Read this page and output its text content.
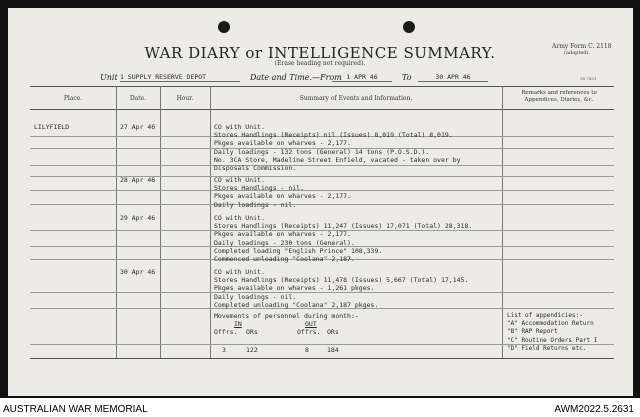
WAR DIARY or INTELLIGENCE SUMMARY.
(Erase heading not required).
Army Form C. 2118
(adapted).
Unit 1 SUPPLY RESERVE DEPOT	Date and Time.—From 1 APR 46	To	30 APR 46	38 7401
Place.	Date.	Hour.	Summary of Events and Information.
Remarks and references to Appendices, Diaries, &c.
LILYFIELD	27 Apr 46	CO with Unit.
Stores Handlings (Receipts) nil (Issues) 8,019 (Total) 8,019.
Pkges available on wharves - 2,177.
Daily loadings - 132 tons (General) 14 tons (P.O.S.D.).
No. 3CA Store, Madeline Street Enfield, vacated - taken over by
Disposals Commission.
28 Apr 46	CO with Unit.
Stores Handlings - nil.
Pkges available on wharves - 2,177.
Daily loadings - nil.
29 Apr 46	CO with Unit.
Stores Handlings (Receipts) 11,247 (Issues) 17,071 (Total) 28,318.
Pkges available on wharves - 2,177.
Daily loadings - 230 tons (General).
Completed loading "English Prince" 108,339.
Commenced unloading "Coolana" 2,187.
30 Apr 46	CO with Unit.
Stores Handlings (Receipts) 11,478 (Issues) 5,667 (Total) 17,145.
Pkges available on wharves - 1,261 pkges.
Daily loadings - nil.
Completed unloading "Coolana" 2,187 pkges.
Movements of personnel during month:-
IN	OUT
Offrs. ORs	Offrs. ORs
3	122	8	184
List of appendicies:-
"A" Accommodation Return
"B" RAP Report
"C" Routine Orders Part I
"D" Field Returns etc.
AUSTRALIAN WAR MEMORIAL	AWM2022.5.2631
